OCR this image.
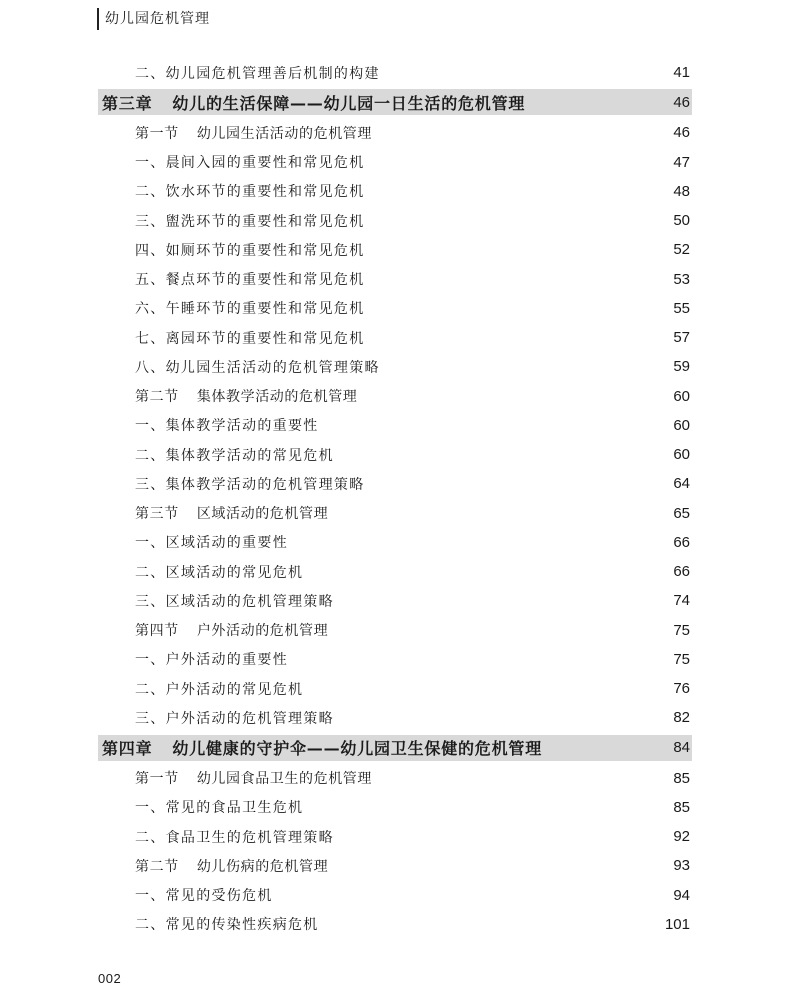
幼儿园危机管理
二、幼儿园危机管理善后机制的构建	41
第三章 幼儿的生活保障——幼儿园一日生活的危机管理	46
第一节 幼儿园生活活动的危机管理	46
一、晨间入园的重要性和常见危机	47
二、饮水环节的重要性和常见危机	48
三、盥洗环节的重要性和常见危机	50
四、如厕环节的重要性和常见危机	52
五、餐点环节的重要性和常见危机	53
六、午睡环节的重要性和常见危机	55
七、离园环节的重要性和常见危机	57
八、幼儿园生活活动的危机管理策略	59
第二节 集体教学活动的危机管理	60
一、集体教学活动的重要性	60
二、集体教学活动的常见危机	60
三、集体教学活动的危机管理策略	64
第三节 区域活动的危机管理	65
一、区域活动的重要性	66
二、区域活动的常见危机	66
三、区域活动的危机管理策略	74
第四节 户外活动的危机管理	75
一、户外活动的重要性	75
二、户外活动的常见危机	76
三、户外活动的危机管理策略	82
第四章 幼儿健康的守护伞——幼儿园卫生保健的危机管理	84
第一节 幼儿园食品卫生的危机管理	85
一、常见的食品卫生危机	85
二、食品卫生的危机管理策略	92
第二节 幼儿伤病的危机管理	93
一、常见的受伤危机	94
二、常见的传染性疾病危机	101
002
